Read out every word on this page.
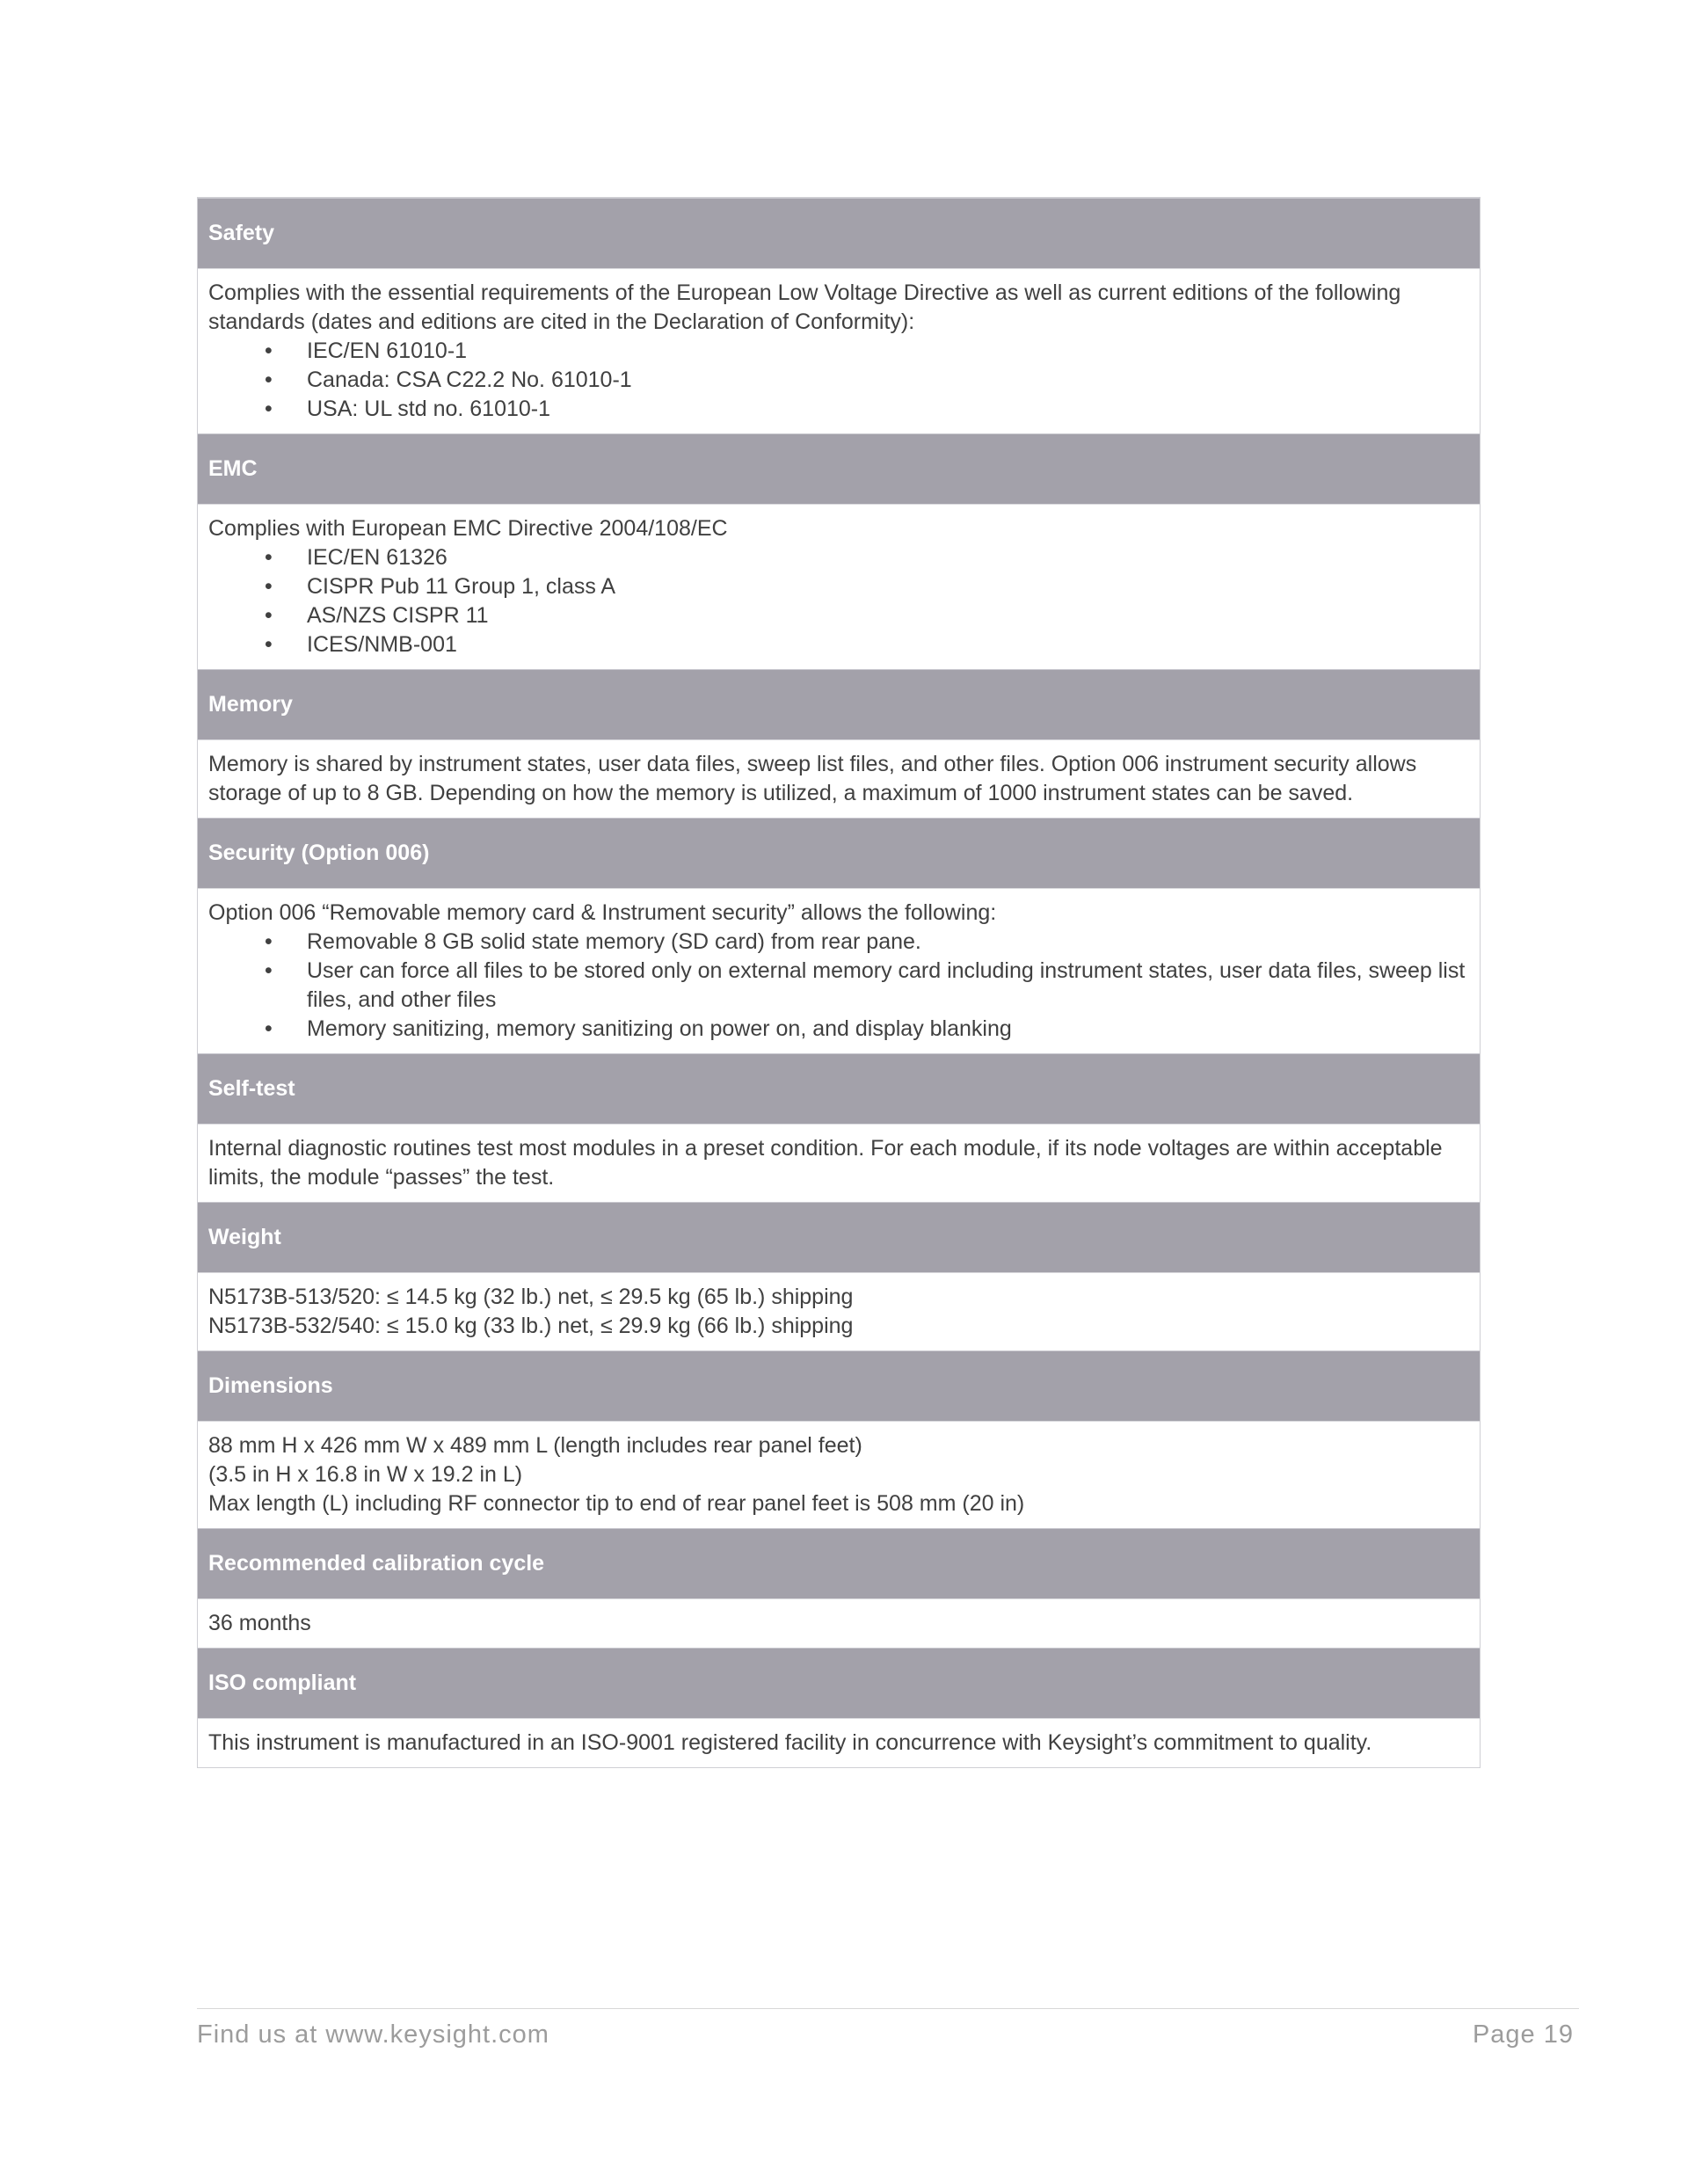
Safety

Complies with the essential requirements of the European Low Voltage Directive as well as current editions of the following standards (dates and editions are cited in the Declaration of Conformity):

• IEC/EN 61010-1
• Canada: CSA C22.2 No. 61010-1
• USA: UL std no. 61010-1
EMC

Complies with European EMC Directive 2004/108/EC

• IEC/EN 61326
• CISPR Pub 11 Group 1, class A
• AS/NZS CISPR 11
• ICES/NMB-001
Memory

Memory is shared by instrument states, user data files, sweep list files, and other files. Option 006 instrument security allows storage of up to 8 GB. Depending on how the memory is utilized, a maximum of 1000 instrument states can be saved.

Security (Option 006)

Option 006 “Removable memory card & Instrument security” allows the following:

• Removable 8 GB solid state memory (SD card) from rear pane.
• User can force all files to be stored only on external memory card including instrument states, user data files, sweep list files, and other files
• Memory sanitizing, memory sanitizing on power on, and display blanking
Self-test

Internal diagnostic routines test most modules in a preset condition. For each module, if its node voltages are within acceptable limits, the module “passes” the test.

Weight

N5173B-513/520: ≤ 14.5 kg (32 lb.) net, ≤ 29.5 kg (65 lb.) shipping

N5173B-532/540: ≤ 15.0 kg (33 lb.) net, ≤ 29.9 kg (66 lb.) shipping

Dimensions

88 mm H x 426 mm W x 489 mm L (length includes rear panel feet)

(3.5 in H x 16.8 in W x 19.2 in L)

Max length (L) including RF connector tip to end of rear panel feet is 508 mm (20 in)

Recommended calibration cycle

36 months

ISO compliant

This instrument is manufactured in an ISO-9001 registered facility in concurrence with Keysight’s commitment to quality.

Find us at www.keysight.com	Page 19
